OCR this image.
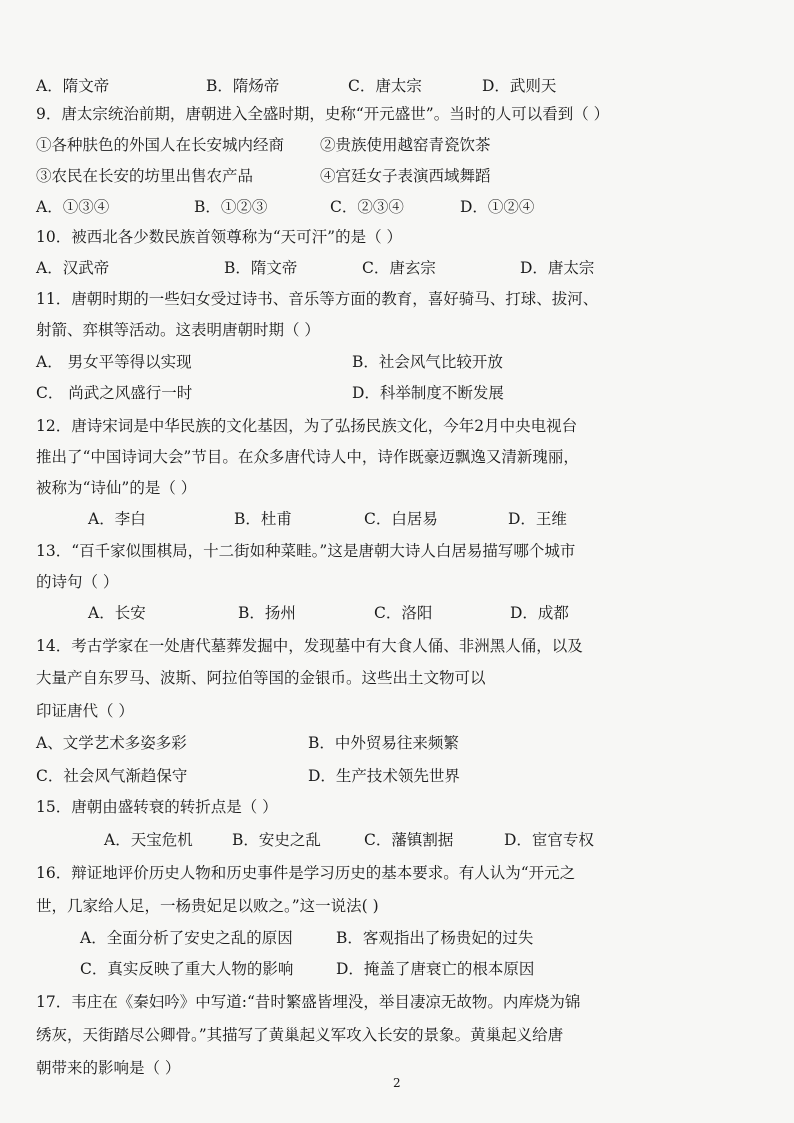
A．隋文帝	B．隋炀帝	C．唐太宗	D．武则天
9．唐太宗统治前期，唐朝进入全盛时期，史称“开元盛世”。当时的人可以看到（ ）
①各种肤色的外国人在长安城内经商 ②贵族使用越窑青瓷饮茶
③农民在长安的坊里出售农产品	④宫廷女子表演西域舞蹈
A．①③④	B．①②③	C．②③④	D．①②④
10．被西北各少数民族首领尊称为“天可汗”的是（ ）
A．汉武帝	B．隋文帝	C．唐玄宗	D．唐太宗
11．唐朝时期的一些妇女受过诗书、音乐等方面的教育，喜好骑马、打球、拔河、
射箭、弈棋等活动。这表明唐朝时期（ ）
A． 男女平等得以实现	B．社会风气比较开放
C． 尚武之风盛行一时	D．科举制度不断发展
12．唐诗宋词是中华民族的文化基因，为了弘扬民族文化，今年2月中央电视台
推出了“中国诗词大会”节目。在众多唐代诗人中，诗作既豪迈飘逸又清新瑰丽，
被称为“诗仙”的是（ ）
A．李白	B．杜甫	C．白居易	D．王维
13．“百千家似围棋局，十二街如种菜畦。”这是唐朝大诗人白居易描写哪个城市
的诗句（ ）
A．长安	B．扬州	C．洛阳	D．成都
14．考古学家在一处唐代墓葬发掘中，发现墓中有大食人俑、非洲黑人俑，以及
大量产自东罗马、波斯、阿拉伯等国的金银币。这些出土文物可以
印证唐代（ ）
A、文学艺术多姿多彩	B．中外贸易往来频繁
C．社会风气渐趋保守	D．生产技术领先世界
15．唐朝由盛转衰的转折点是（ ）
A．天宝危机	B．安史之乱	C．藩镇割据	D．宦官专权
16．辩证地评价历史人物和历史事件是学习历史的基本要求。有人认为“开元之
世，几家给人足，一杨贵妃足以败之。”这一说法( )
A．全面分析了安史之乱的原因	B．客观指出了杨贵妃的过失
C．真实反映了重大人物的影响	D．掩盖了唐衰亡的根本原因
17．韦庄在《秦妇吟》中写道:“昔时繁盛皆埋没，举目凄凉无故物。内库烧为锦
绣灰，天街踏尽公卿骨。”其描写了黄巢起义军攻入长安的景象。黄巢起义给唐
朝带来的影响是（ ）
2
